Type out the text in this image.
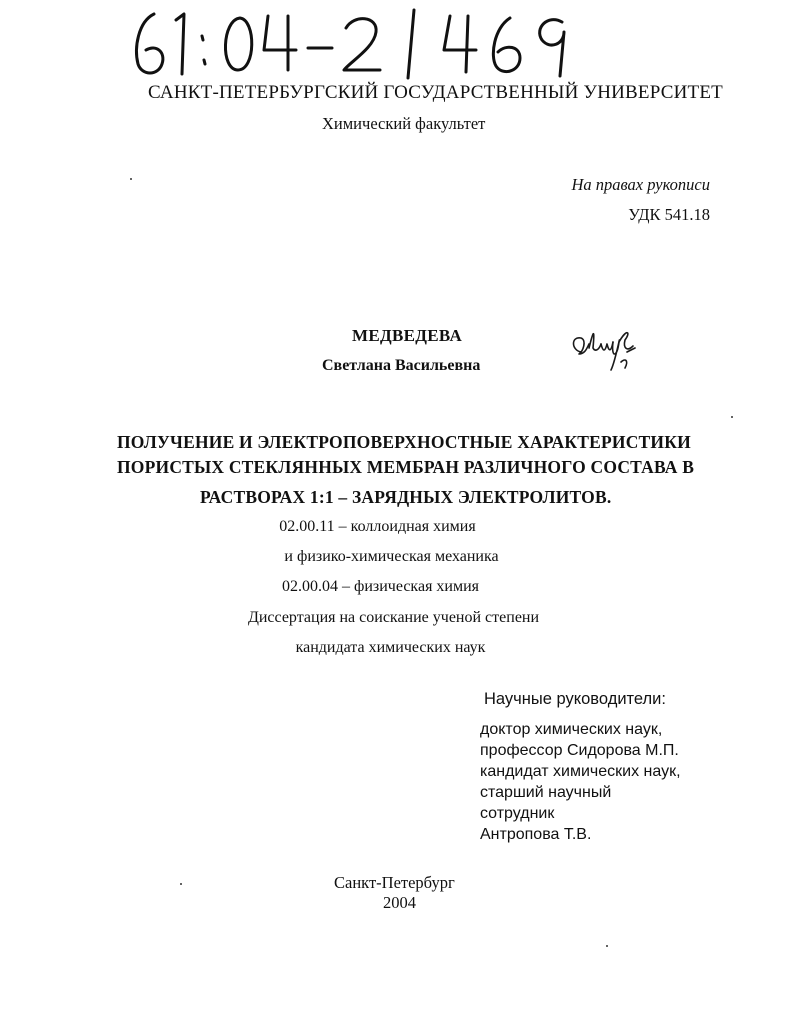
САНКТ-ПЕТЕРБУРГСКИЙ ГОСУДАРСТВЕННЫЙ УНИВЕРСИТЕТ
Химический факультет
На правах рукописи
УДК 541.18
МЕДВЕДЕВА
Светлана Васильевна
ПОЛУЧЕНИЕ И ЭЛЕКТРОПОВЕРХНОСТНЫЕ ХАРАКТЕРИСТИКИ
ПОРИСТЫХ СТЕКЛЯННЫХ МЕМБРАН РАЗЛИЧНОГО СОСТАВА В
РАСТВОРАХ 1:1 – ЗАРЯДНЫХ ЭЛЕКТРОЛИТОВ.
02.00.11 – коллоидная химия
и физико-химическая механика
02.00.04 – физическая химия
Диссертация на соискание ученой степени
кандидата химических наук
Научные руководители:
доктор химических наук,
профессор Сидорова М.П.
кандидат химических наук,
старший научный
сотрудник
Антропова Т.В.
Санкт-Петербург
2004
